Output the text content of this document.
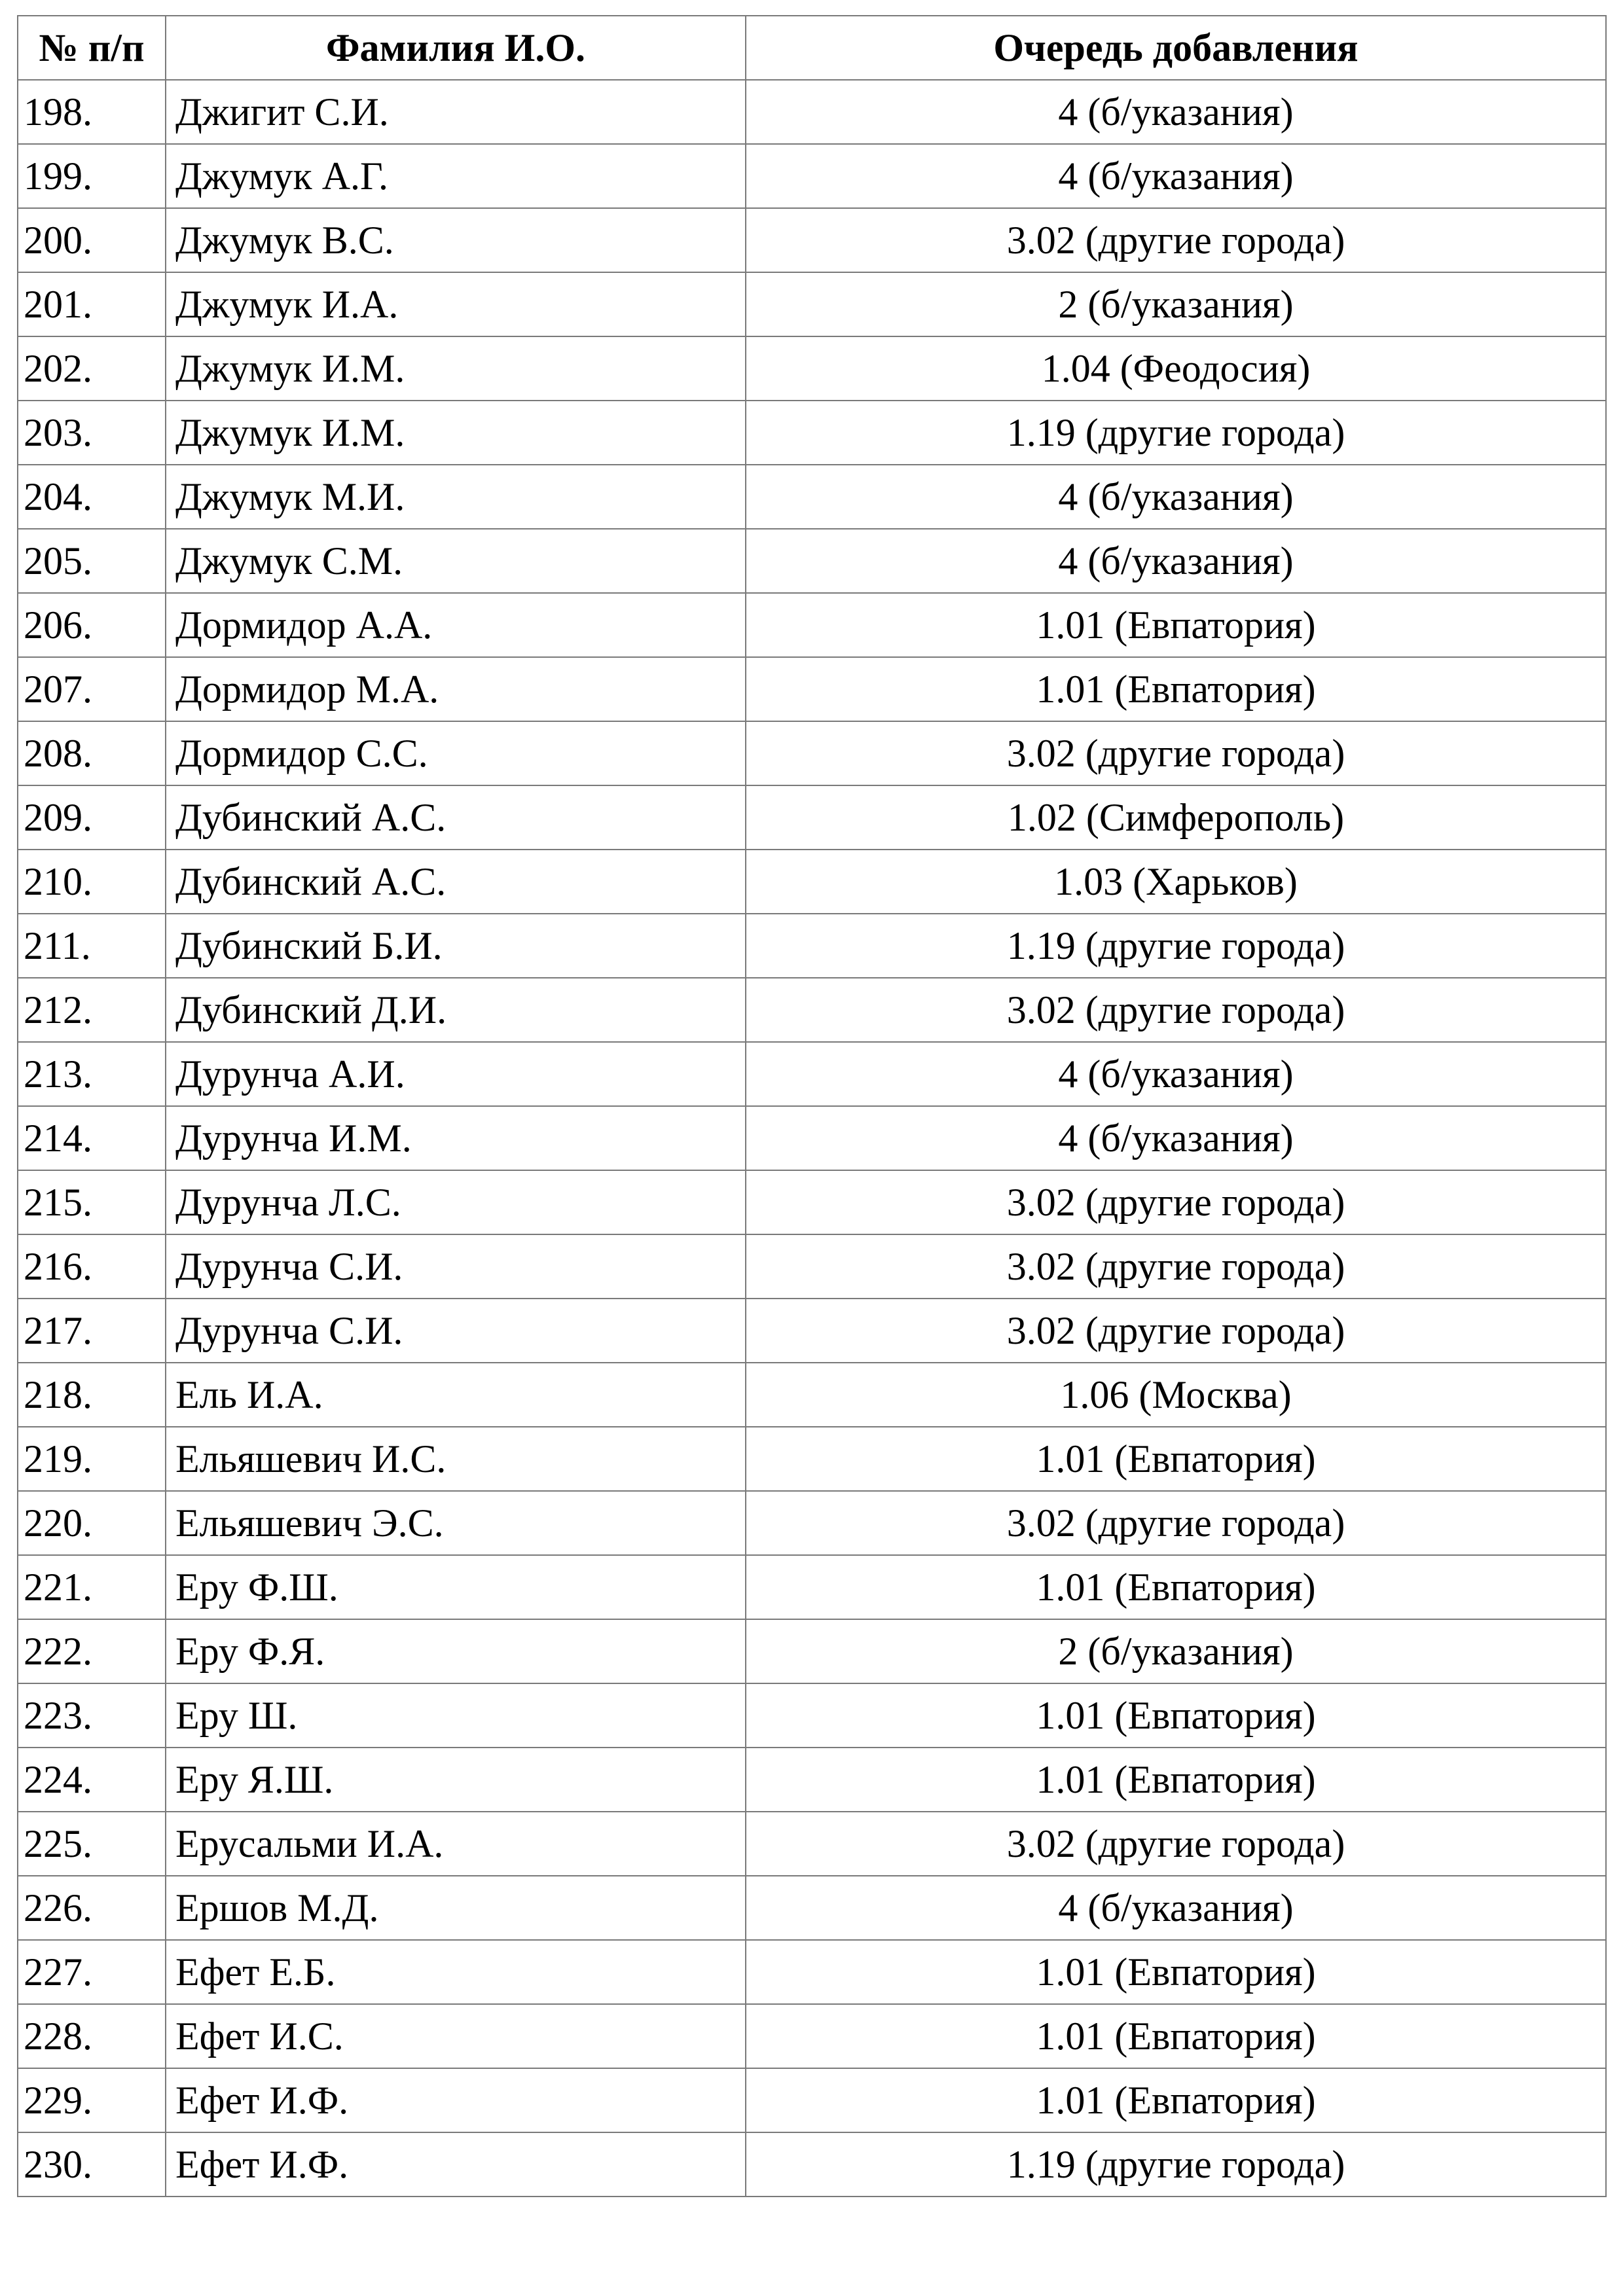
№ п/п	Фамилия И.О.	Очередь добавления
198.	Джигит С.И.	4 (б/указания)
199.	Джумук А.Г.	4 (б/указания)
200.	Джумук В.С.	3.02 (другие города)
201.	Джумук И.А.	2 (б/указания)
202.	Джумук И.М.	1.04 (Феодосия)
203.	Джумук И.М.	1.19 (другие города)
204.	Джумук М.И.	4 (б/указания)
205.	Джумук С.М.	4 (б/указания)
206.	Дормидор А.А.	1.01 (Евпатория)
207.	Дормидор М.А.	1.01 (Евпатория)
208.	Дормидор С.С.	3.02 (другие города)
209.	Дубинский А.С.	1.02 (Симферополь)
210.	Дубинский А.С.	1.03 (Харьков)
211.	Дубинский Б.И.	1.19 (другие города)
212.	Дубинский Д.И.	3.02 (другие города)
213.	Дурунча А.И.	4 (б/указания)
214.	Дурунча И.М.	4 (б/указания)
215.	Дурунча Л.С.	3.02 (другие города)
216.	Дурунча С.И.	3.02 (другие города)
217.	Дурунча С.И.	3.02 (другие города)
218.	Ель И.А.	1.06 (Москва)
219.	Ельяшевич И.С.	1.01 (Евпатория)
220.	Ельяшевич Э.С.	3.02 (другие города)
221.	Еру Ф.Ш.	1.01 (Евпатория)
222.	Еру Ф.Я.	2 (б/указания)
223.	Еру Ш.	1.01 (Евпатория)
224.	Еру Я.Ш.	1.01 (Евпатория)
225.	Ерусальми И.А.	3.02 (другие города)
226.	Ершов М.Д.	4 (б/указания)
227.	Ефет Е.Б.	1.01 (Евпатория)
228.	Ефет И.С.	1.01 (Евпатория)
229.	Ефет И.Ф.	1.01 (Евпатория)
230.	Ефет И.Ф.	1.19 (другие города)
